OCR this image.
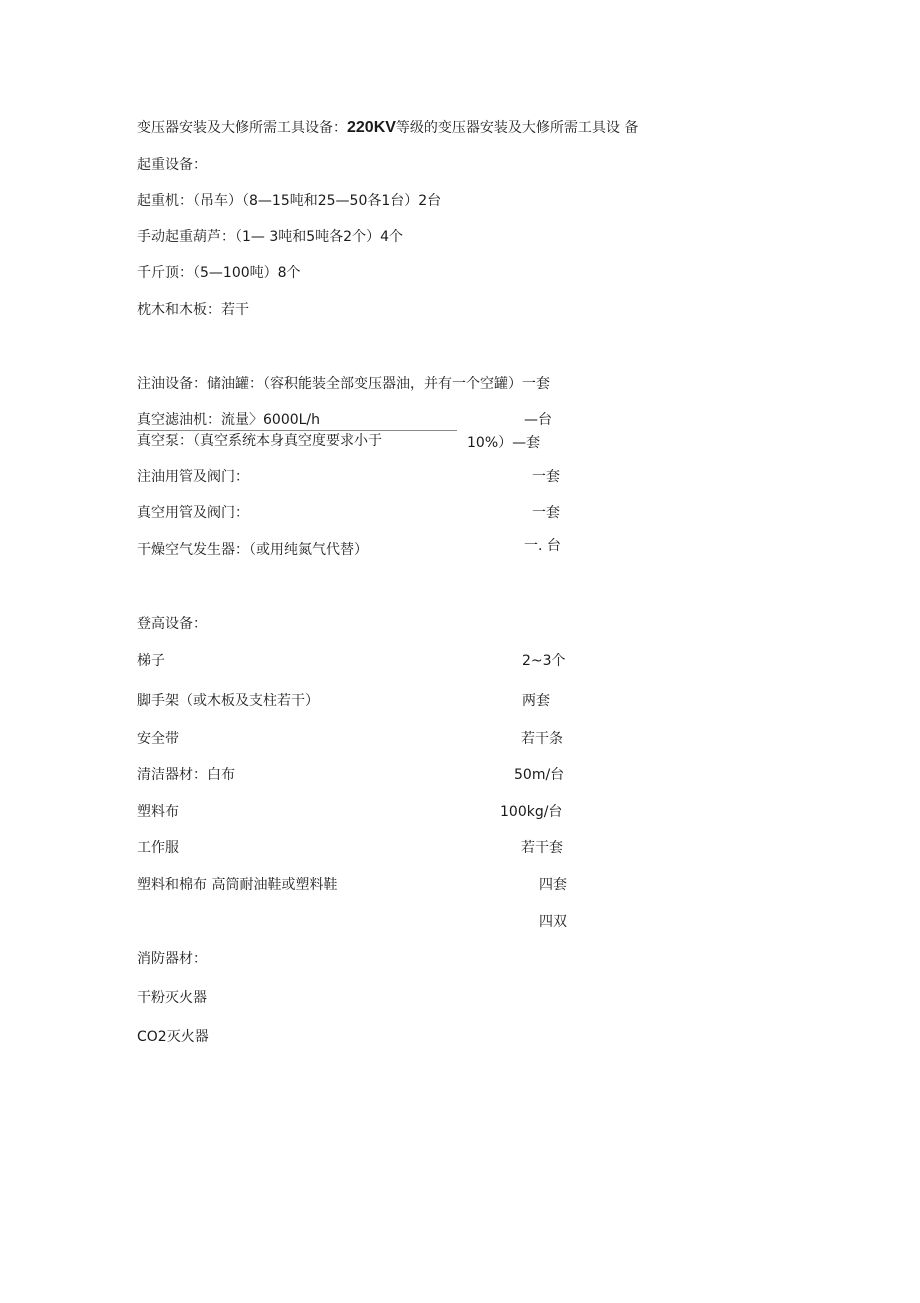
变压器安装及大修所需工具设备：220KV等级的变压器安装及大修所需工具设 备
起重设备：
起重机：（吊车）（8—15吨和25—50各1台）2台
手动起重葫芦：（1— 3吨和5吨各2个）4个
千斤顶：（5—100吨）8个
枕木和木板：若干
注油设备：储油罐：（容积能装全部变压器油，并有一个空罐）一套
真空滤油机：流量〉6000L/h	—台
真空泵：（真空系统本身真空度要求小于	10%）—套
注油用管及阀门：	一套
真空用管及阀门：	一套
干燥空气发生器：（或用纯氮气代替）	一. 台
登高设备：
梯子	2~3个
脚手架（或木板及支柱若干）	两套
安全带	若干条
清洁器材：白布	50m/台
塑料布	100kg/台
工作服	若干套
塑料和棉布 高筒耐油鞋或塑料鞋	四套
四双
消防器材：
干粉灭火器
CO2灭火器
